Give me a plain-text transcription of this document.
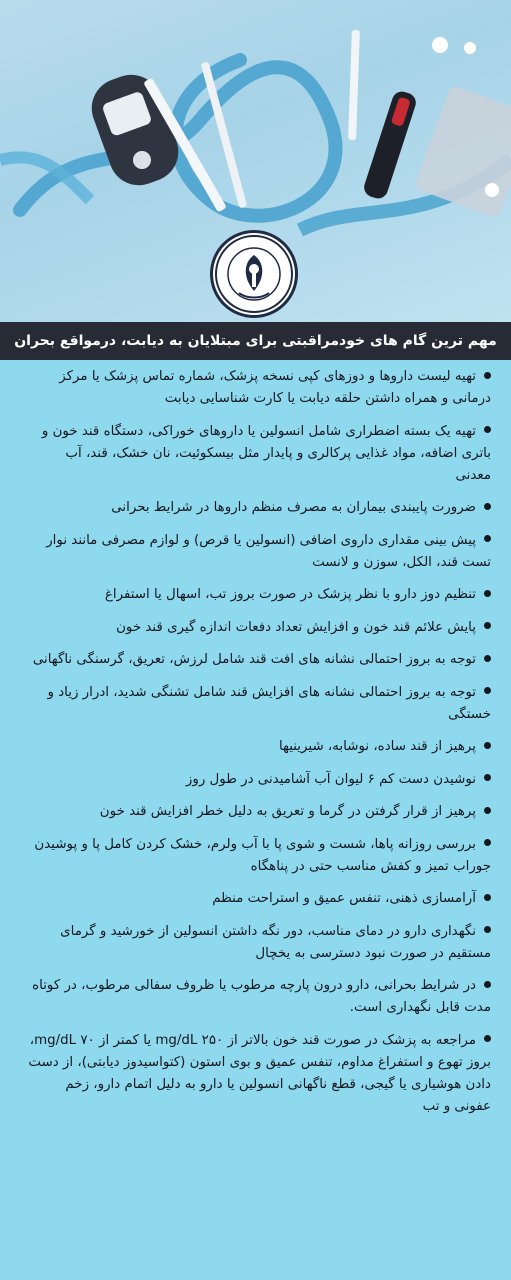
مهم ترین گام های خودمراقبتی برای مبتلایان به دیابت، درمواقع بحران
تهیه لیست داروها و دوزهای کپی نسخه پزشک، شماره تماس پزشک یا مرکز درمانی و همراه داشتن حلقه دیابت یا کارت شناسایی دیابت
تهیه یک بسته اضطراری شامل انسولین یا داروهای خوراکی، دستگاه قند خون و باتری اضافه، مواد غذایی پرکالری و پایدار مثل بیسکوئیت، نان خشک، قند، آب معدنی
ضرورت پایبندی بیماران به مصرف منظم داروها در شرایط بحرانی
پیش بینی مقداری داروی اضافی (انسولین یا قرص) و لوازم مصرفی مانند نوار تست قند، الکل، سوزن و لانست
تنظیم دوز دارو با نظر پزشک در صورت بروز تب، اسهال یا استفراغ
پایش علائم قند خون و افزایش تعداد دفعات اندازه گیری قند خون
توجه به بروز احتمالی نشانه های افت قند شامل لرزش، تعریق، گرسنگی ناگهانی
توجه به بروز احتمالی نشانه های افزایش قند شامل تشنگی شدید، ادرار زیاد و خستگی
پرهیز از قند ساده، نوشابه، شیرینیها
نوشیدن دست کم ۶ لیوان آب آشامیدنی در طول روز
پرهیز از قرار گرفتن در گرما و تعریق به دلیل خطر افزایش قند خون
بررسی روزانه پاها، شست و شوی پا با آب ولرم، خشک کردن کامل پا و پوشیدن جوراب تمیز و کفش مناسب حتی در پناهگاه
آرامسازی ذهنی، تنفس عمیق و استراحت منظم
نگهداری دارو در دمای مناسب، دور نگه داشتن انسولین از خورشید و گرمای مستقیم در صورت نبود دسترسی به یخچال
در شرایط بحرانی، دارو درون پارچه مرطوب یا ظروف سفالی مرطوب، در کوتاه مدت قابل نگهداری است.
مراجعه به پزشک در صورت قند خون بالاتر از ۲۵۰ mg/dL یا کمتر از ۷۰ mg/dL، بروز تهوع و استفراغ مداوم، تنفس عمیق و بوی استون (کتواسیدوز دیابتی)، از دست دادن هوشیاری یا گیجی، قطع ناگهانی انسولین یا دارو به دلیل اتمام دارو، زخم عفونی و تب
